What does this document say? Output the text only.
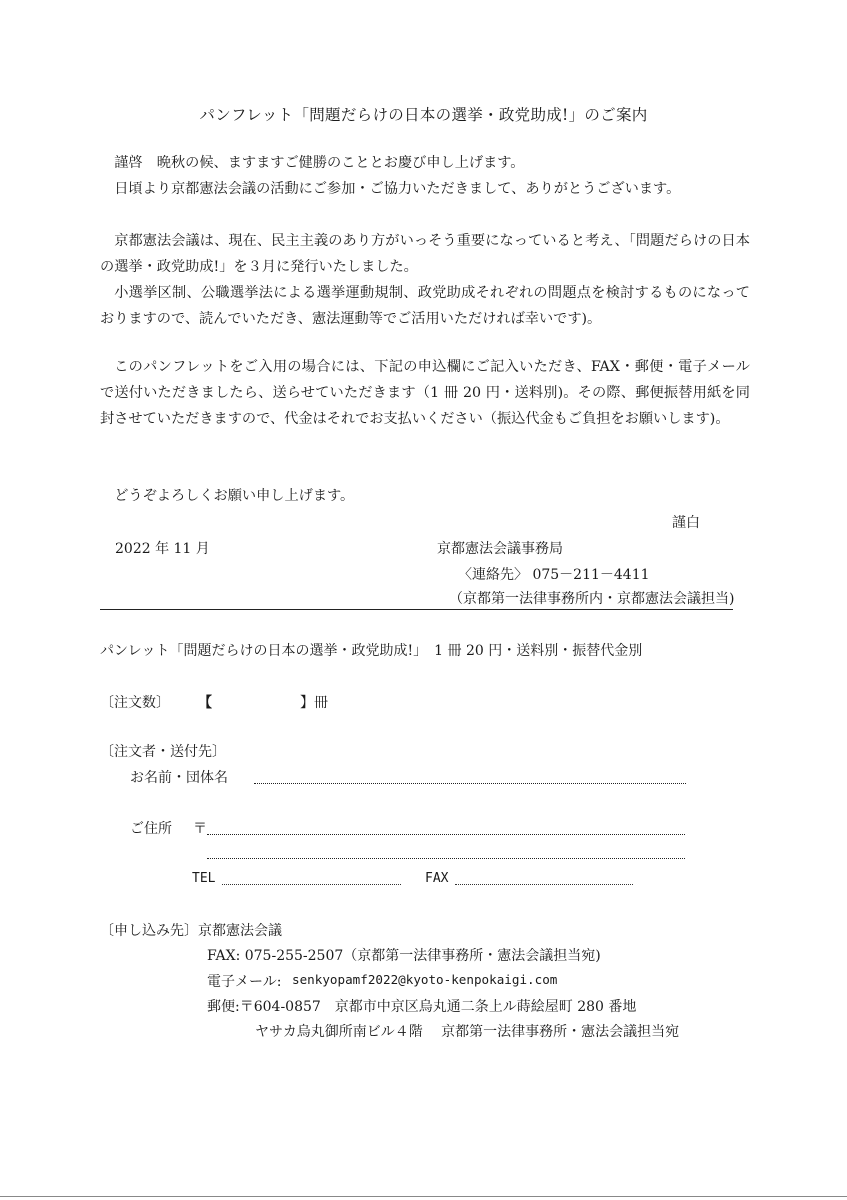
パンフレット「問題だらけの日本の選挙・政党助成!」のご案内

謹啓　晩秋の候、ますますご健勝のこととお慶び申し上げます。

日頃より京都憲法会議の活動にご参加・ご協力いただきまして、ありがとうございます。

京都憲法会議は、現在、民主主義のあり方がいっそう重要になっていると考え、「問題だらけの日本の選挙・政党助成!」を３月に発行いたしました。

小選挙区制、公職選挙法による選挙運動規制、政党助成それぞれの問題点を検討するものになっておりますので、読んでいただき、憲法運動等でご活用いただければ幸いです)。

このパンフレットをご入用の場合には、下記の申込欄にご記入いただき、FAX・郵便・電子メールで送付いただきましたら、送らせていただきます（1 冊 20 円・送料別)。その際、郵便振替用紙を同封させていただきますので、代金はそれでお支払いください（振込代金もご負担をお願いします)。

どうぞよろしくお願い申し上げます。

謹白
2022 年 11 月	京都憲法会議事務局
〈連絡先〉 075－211－4411
（京都第一法律事務所内・京都憲法会議担当)
パンレット「問題だらけの日本の選挙・政党助成!」　1 冊 20 円・送料別・振替代金別
〔注文数〕 【	】冊
〔注文者・送付先〕
お名前・団体名
ご住所 〒
TEL	FAX
〔申し込み先〕京都憲法会議
FAX: 075-255-2507（京都第一法律事務所・憲法会議担当宛)
電子メール: senkyopamf2022@kyoto-kenpokaigi.com
郵便:〒604-0857　京都市中京区烏丸通二条上ル蒔絵屋町 280 番地
ヤサカ烏丸御所南ビル４階　 京都第一法律事務所・憲法会議担当宛
